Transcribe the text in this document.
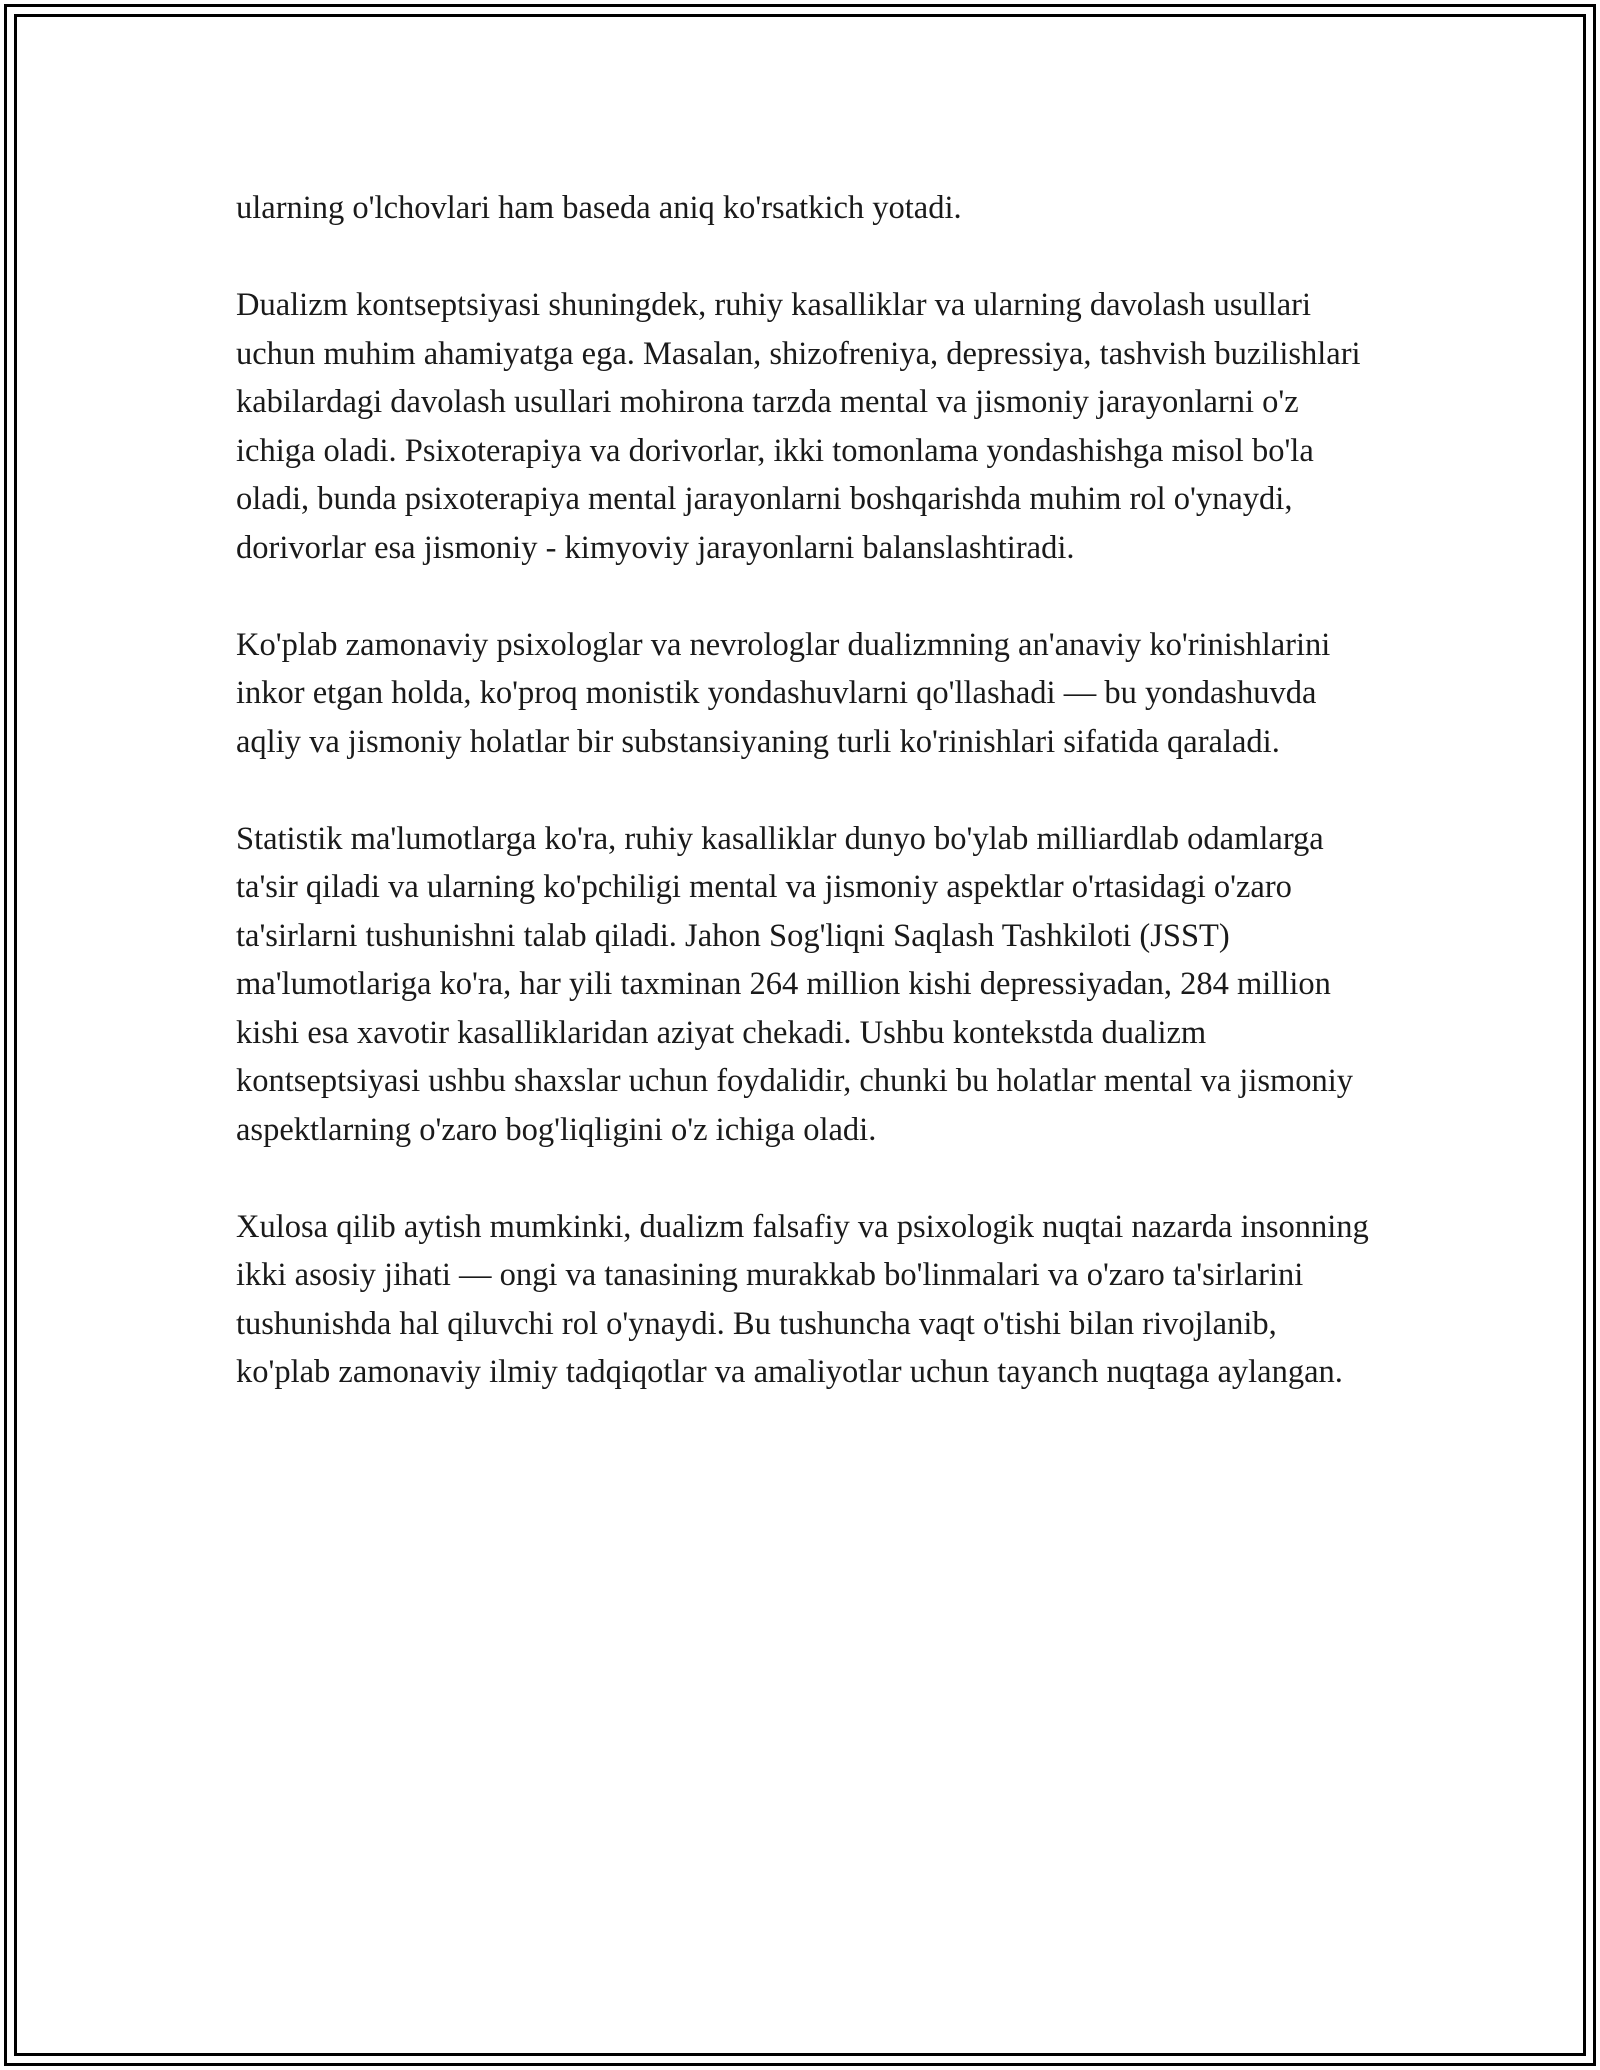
ularning o'lchovlari ham baseda aniq ko'rsatkich yotadi.

Dualizm kontseptsiyasi shuningdek, ruhiy kasalliklar va ularning davolash usullari uchun muhim ahamiyatga ega. Masalan, shizofreniya, depressiya, tashvish buzilishlari kabilardagi davolash usullari mohirona tarzda mental va jismoniy jarayonlarni o'z ichiga oladi. Psixoterapiya va dorivorlar, ikki tomonlama yondashishga misol bo'la oladi, bunda psixoterapiya mental jarayonlarni boshqarishda muhim rol o'ynaydi, dorivorlar esa jismoniy - kimyoviy jarayonlarni balanslashtiradi.

Ko'plab zamonaviy psixologlar va nevrologlar dualizmning an'anaviy ko'rinishlarini inkor etgan holda, ko'proq monistik yondashuvlarni qo'llashadi — bu yondashuvda aqliy va jismoniy holatlar bir substansiyaning turli ko'rinishlari sifatida qaraladi.

Statistik ma'lumotlarga ko'ra, ruhiy kasalliklar dunyo bo'ylab milliardlab odamlarga ta'sir qiladi va ularning ko'pchiligi mental va jismoniy aspektlar o'rtasidagi o'zaro ta'sirlarni tushunishni talab qiladi. Jahon Sog'liqni Saqlash Tashkiloti (JSST) ma'lumotlariga ko'ra, har yili taxminan 264 million kishi depressiyadan, 284 million kishi esa xavotir kasalliklaridan aziyat chekadi. Ushbu kontekstda dualizm kontseptsiyasi ushbu shaxslar uchun foydalidir, chunki bu holatlar mental va jismoniy aspektlarning o'zaro bog'liqligini o'z ichiga oladi.

Xulosa qilib aytish mumkinki, dualizm falsafiy va psixologik nuqtai nazarda insonning ikki asosiy jihati — ongi va tanasining murakkab bo'linmalari va o'zaro ta'sirlarini tushunishda hal qiluvchi rol o'ynaydi. Bu tushuncha vaqt o'tishi bilan rivojlanib, ko'plab zamonaviy ilmiy tadqiqotlar va amaliyotlar uchun tayanch nuqtaga aylangan.
